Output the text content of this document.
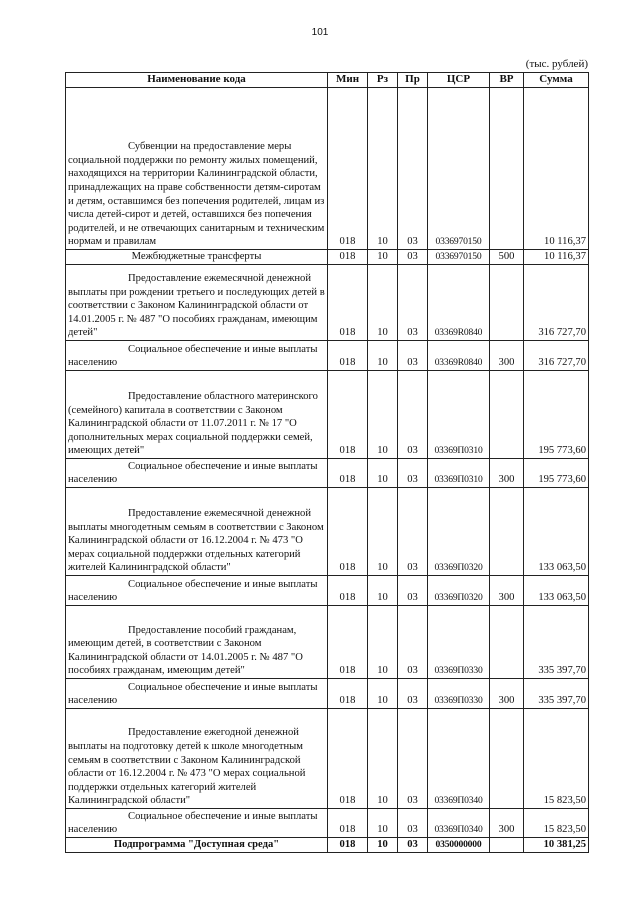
101
(тыс. рублей)
Наименование кода	Мин	Рз	Пр	ЦСР	ВР	Сумма
Субвенции на предоставление меры социальной поддержки по ремонту жилых помещений, находящихся на территории Калининградской области, принадлежащих на праве собственности детям-сиротам и детям, оставшимся без попечения родителей, лицам из числа детей-сирот и детей, оставшихся без попечения родителей, и не отвечающих санитарным и техническим нормам и правилам	018	10	03	0336970150		10 116,37
Межбюджетные трансферты	018	10	03	0336970150	500	10 116,37
Предоставление ежемесячной денежной выплаты при рождении третьего и последующих детей в соответствии с Законом Калининградской области от 14.01.2005 г. № 487 "О пособиях гражданам, имеющим детей"	018	10	03	03369R0840		316 727,70
Социальное обеспечение и иные выплаты населению	018	10	03	03369R0840	300	316 727,70
Предоставление областного материнского (семейного) капитала в соответствии с Законом Калининградской области от 11.07.2011 г. № 17 "О дополнительных мерах социальной поддержки семей, имеющих детей"	018	10	03	03369П0310		195 773,60
Социальное обеспечение и иные выплаты населению	018	10	03	03369П0310	300	195 773,60
Предоставление ежемесячной денежной выплаты многодетным семьям в соответствии с Законом Калининградской области от 16.12.2004 г. № 473 "О мерах социальной поддержки отдельных категорий жителей Калининградской области"	018	10	03	03369П0320		133 063,50
Социальное обеспечение и иные выплаты населению	018	10	03	03369П0320	300	133 063,50
Предоставление пособий гражданам, имеющим детей, в соответствии с Законом Калининградской области от 14.01.2005 г. № 487 "О пособиях гражданам, имеющим детей"	018	10	03	03369П0330		335 397,70
Социальное обеспечение и иные выплаты населению	018	10	03	03369П0330	300	335 397,70
Предоставление ежегодной денежной выплаты на подготовку детей к школе многодетным семьям в соответствии с Законом Калининградской области от 16.12.2004 г. № 473 "О мерах социальной поддержки отдельных категорий жителей Калининградской области"	018	10	03	03369П0340		15 823,50
Социальное обеспечение и иные выплаты населению	018	10	03	03369П0340	300	15 823,50
Подпрограмма "Доступная среда"	018	10	03	0350000000		10 381,25
